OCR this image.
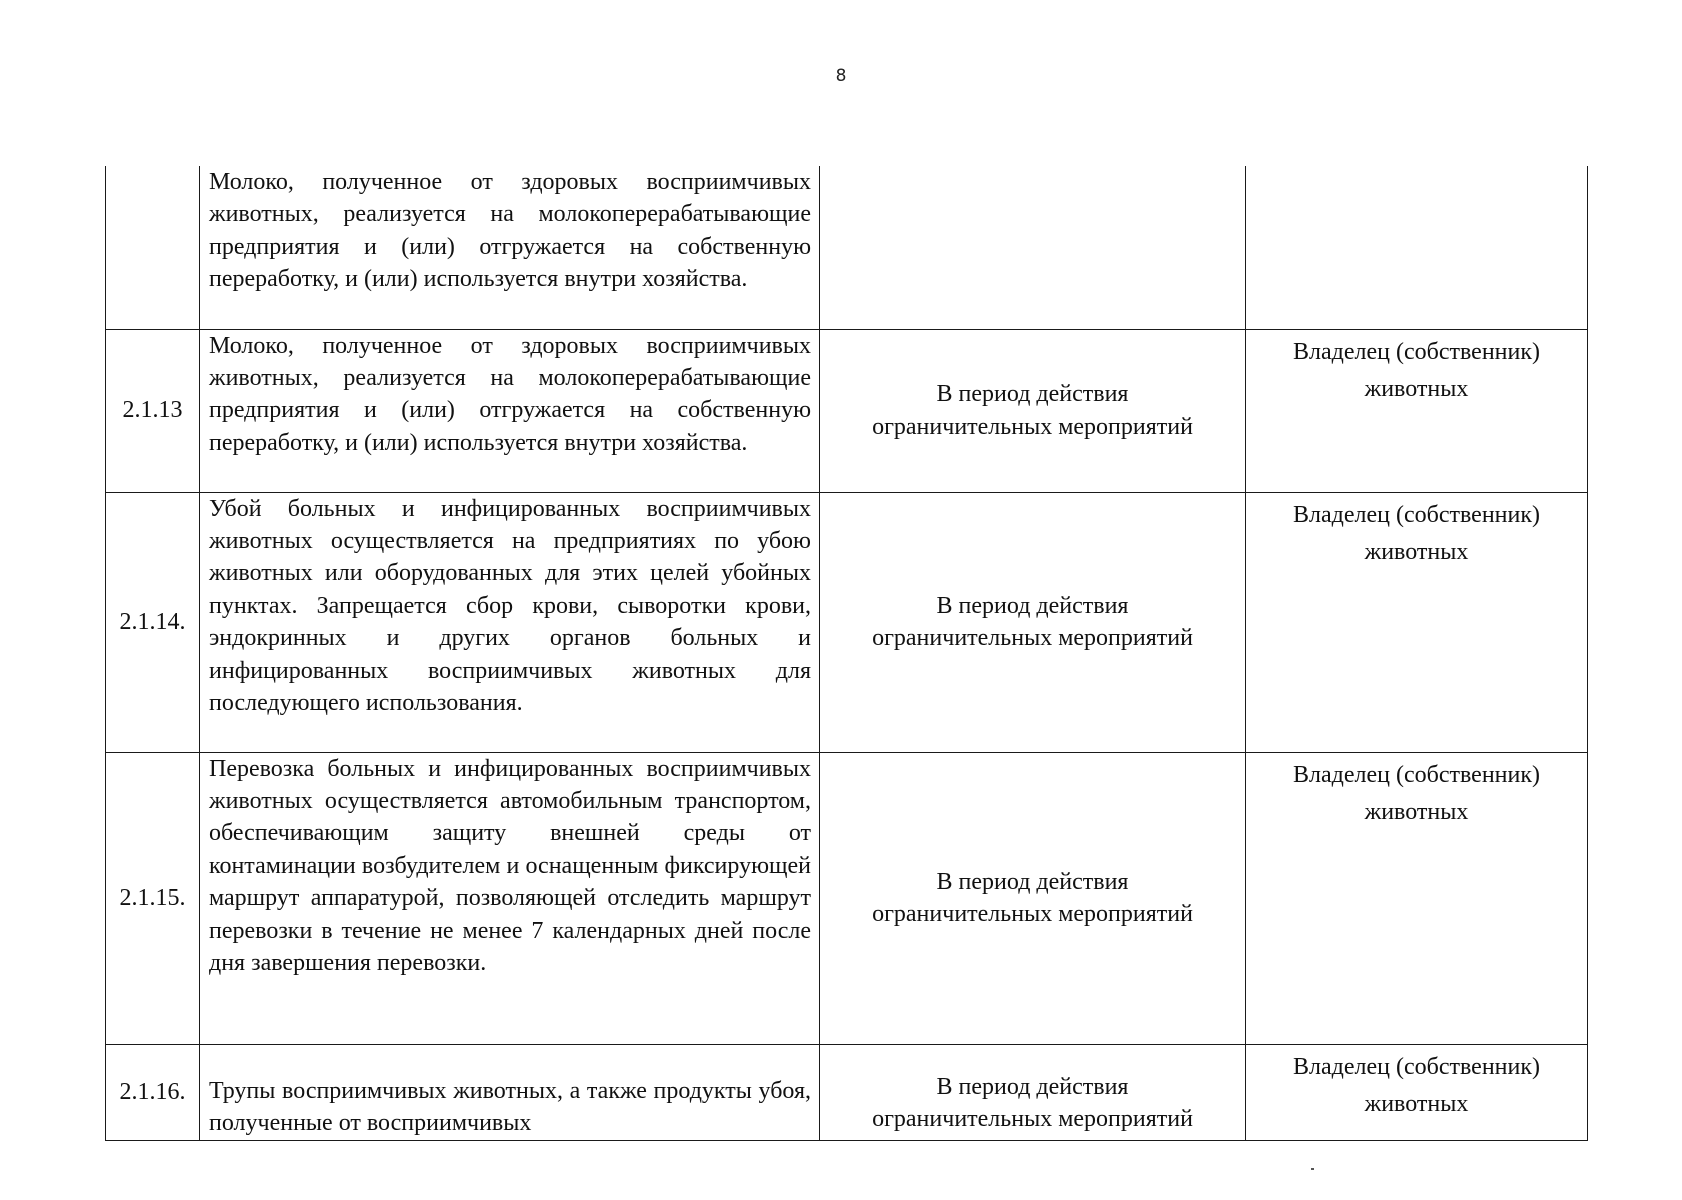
8
	Молоко, полученное от здоровых восприимчивых животных, реализуется на молокоперерабатывающие предприятия и (или) отгружается на собственную переработку, и (или) используется внутри хозяйства.	

2.1.13	Молоко, полученное от здоровых восприимчивых животных, реализуется на молокоперерабатывающие предприятия и (или) отгружается на собственную переработку, и (или) используется внутри хозяйства.	В период действия
ограничительных мероприятий	Владелец (собственник)
животных

2.1.14.	Убой больных и инфицированных восприимчивых животных осуществляется на предприятиях по убою животных или оборудованных для этих целей убойных пунктах. Запрещается сбор крови, сыворотки крови, эндокринных и других органов больных и инфицированных восприимчивых животных для последующего использования.	В период действия
ограничительных мероприятий	Владелец (собственник)
животных

2.1.15.	Перевозка больных и инфицированных восприимчивых животных осуществляется автомобильным транспортом, обеспечивающим защиту внешней среды от контаминации возбудителем и оснащенным фиксирующей маршрут аппаратурой, позволяющей отследить маршрут перевозки в течение не менее 7 календарных дней после дня завершения перевозки.	В период действия
ограничительных мероприятий	Владелец (собственник)
животных

2.1.16.	Трупы восприимчивых животных, а также продукты убоя, полученные от восприимчивых	В период действия
ограничительных мероприятий	Владелец (собственник)
животных
